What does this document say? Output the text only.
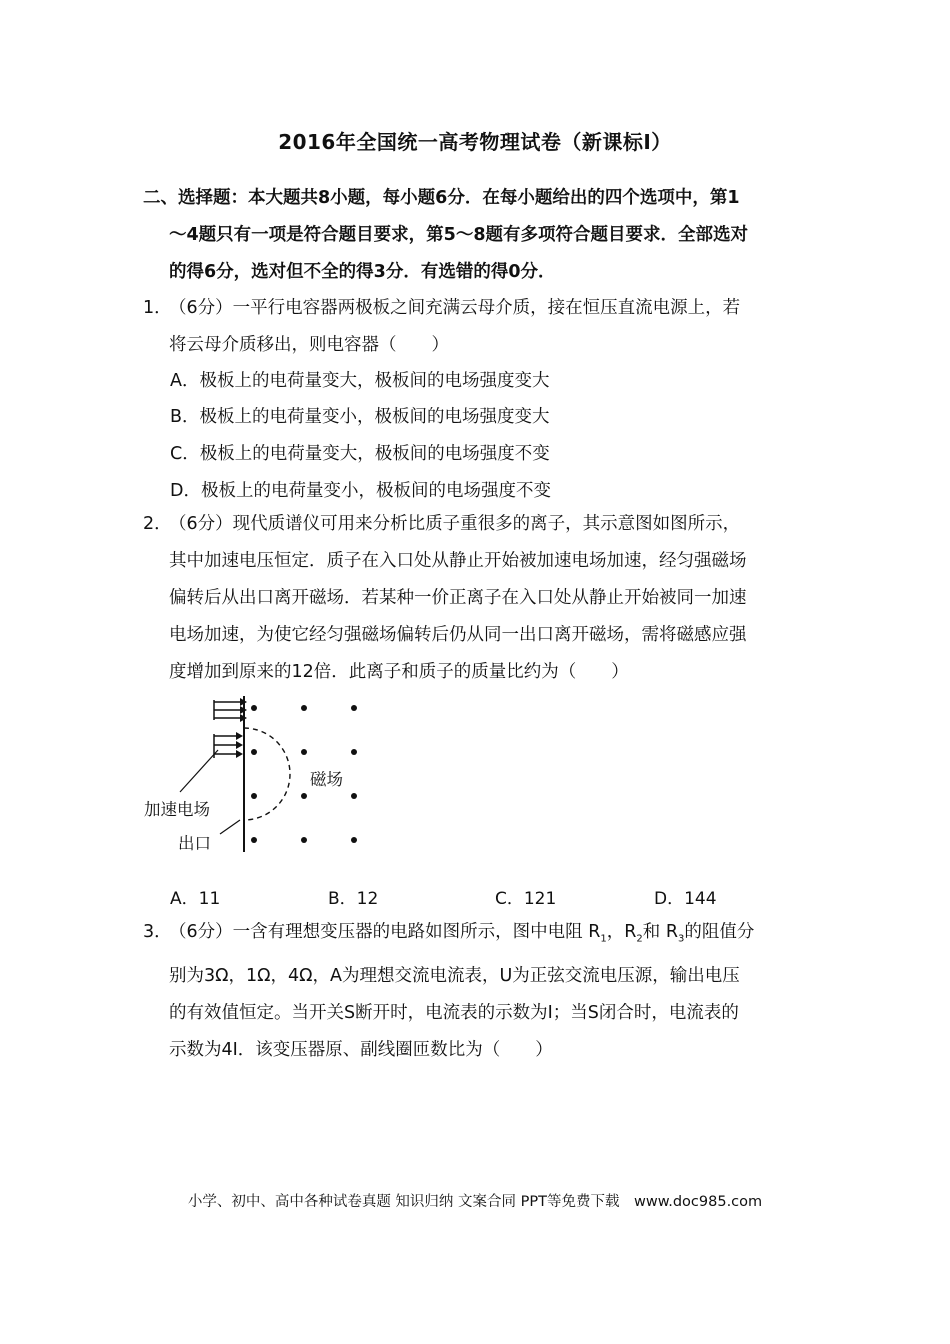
2016年全国统一高考物理试卷（新课标I）
二、选择题：本大题共8小题，每小题6分．在每小题给出的四个选项中，第1
～4题只有一项是符合题目要求，第5～8题有多项符合题目要求．全部选对
的得6分，选对但不全的得3分．有选错的得0分．
1．（6分）一平行电容器两极板之间充满云母介质，接在恒压直流电源上，若
将云母介质移出，则电容器（　　）
A．极板上的电荷量变大，极板间的电场强度变大
B．极板上的电荷量变小，极板间的电场强度变大
C．极板上的电荷量变大，极板间的电场强度不变
D．极板上的电荷量变小，极板间的电场强度不变
2．（6分）现代质谱仪可用来分析比质子重很多的离子，其示意图如图所示，
其中加速电压恒定．质子在入口处从静止开始被加速电场加速，经匀强磁场
偏转后从出口离开磁场．若某种一价正离子在入口处从静止开始被同一加速
电场加速，为使它经匀强磁场偏转后仍从同一出口离开磁场，需将磁感应强
度增加到原来的12倍．此离子和质子的质量比约为（　　）
磁场
加速电场
出口
A．11	B．12	C．121	D．144
3．（6分）一含有理想变压器的电路如图所示，图中电阻 $R_1$，$R_2$和 $R_3$的阻值分
别为3Ω，1Ω，4Ω，A为理想交流电流表，U为正弦交流电压源，输出电压
的有效值恒定。当开关S断开时，电流表的示数为I；当S闭合时，电流表的
示数为4I．该变压器原、副线圈匝数比为（　　）
小学、初中、高中各种试卷真题 知识归纳 文案合同 PPT等免费下载　www.doc985.com
